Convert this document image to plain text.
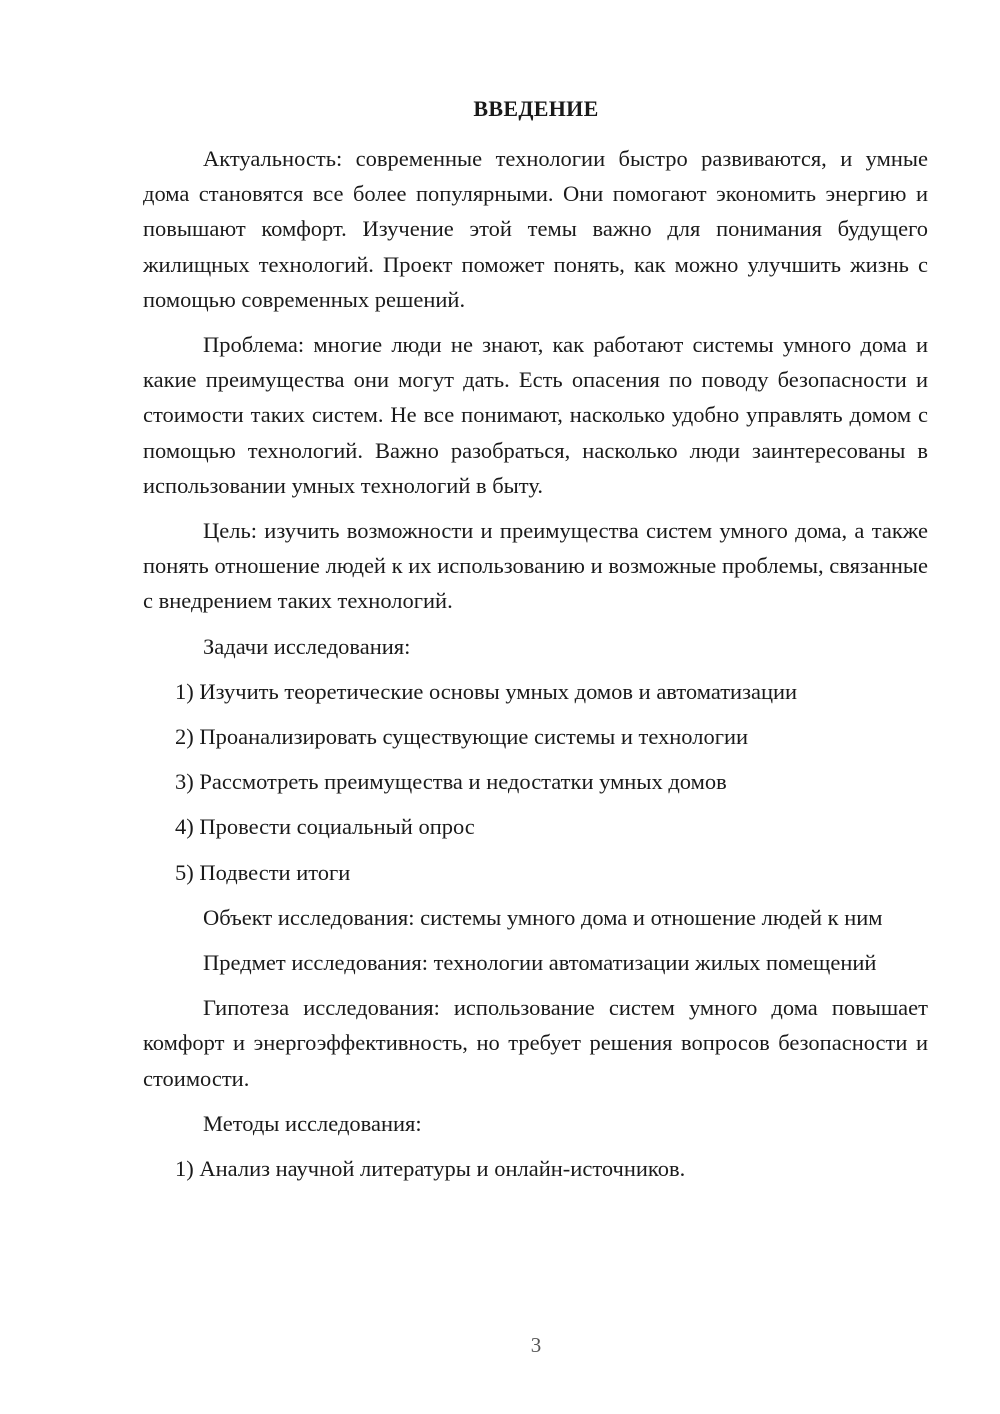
ВВЕДЕНИЕ

Актуальность: современные технологии быстро развиваются, и умные дома становятся все более популярными. Они помогают экономить энергию и повышают комфорт. Изучение этой темы важно для понимания будущего жилищных технологий. Проект поможет понять, как можно улучшить жизнь с помощью современных решений.

Проблема: многие люди не знают, как работают системы умного дома и какие преимущества они могут дать. Есть опасения по поводу безопасности и стоимости таких систем. Не все понимают, насколько удобно управлять домом с помощью технологий. Важно разобраться, насколько люди заинтересованы в использовании умных технологий в быту.

Цель: изучить возможности и преимущества систем умного дома, а также понять отношение людей к их использованию и возможные проблемы, связанные с внедрением таких технологий.

Задачи исследования:

1) Изучить теоретические основы умных домов и автоматизации
2) Проанализировать существующие системы и технологии
3) Рассмотреть преимущества и недостатки умных домов
4) Провести социальный опрос
5) Подвести итоги

Объект исследования: системы умного дома и отношение людей к ним

Предмет исследования: технологии автоматизации жилых помещений

Гипотеза исследования: использование систем умного дома повышает комфорт и энергоэффективность, но требует решения вопросов безопасности и стоимости.

Методы исследования:

1) Анализ научной литературы и онлайн-источников.
3
